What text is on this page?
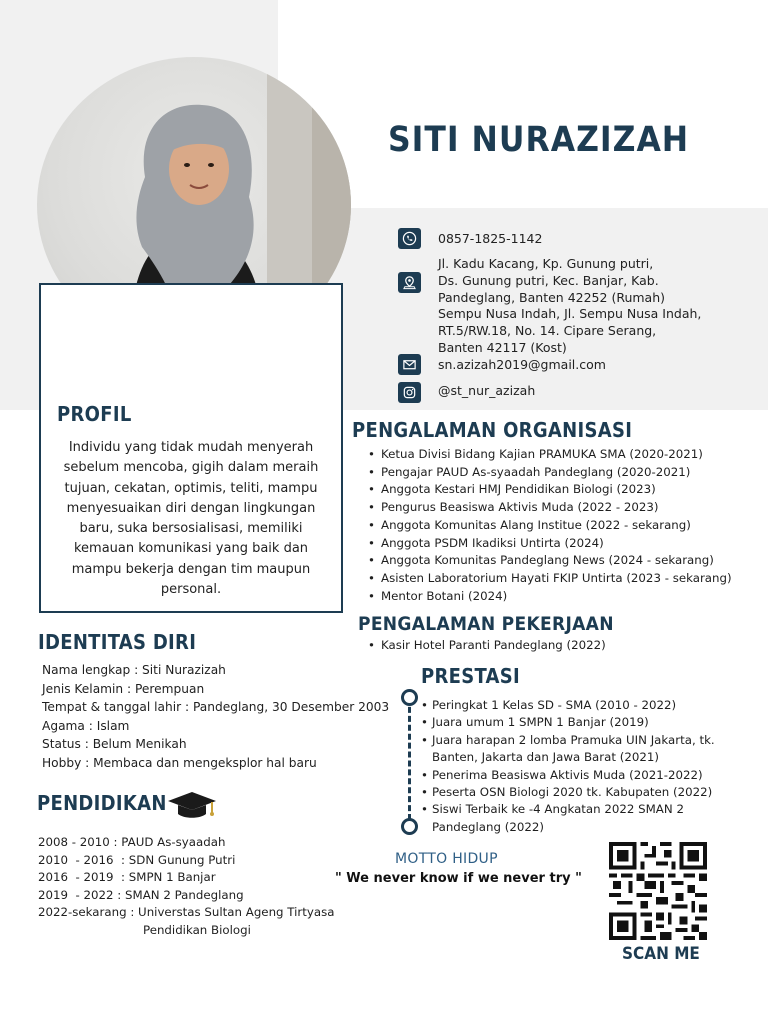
SITI NURAZIZAH
0857-1825-1142
Jl. Kadu Kacang, Kp. Gunung putri,
Ds. Gunung putri, Kec. Banjar, Kab.
Pandeglang, Banten 42252 (Rumah)
Sempu Nusa Indah, Jl. Sempu Nusa Indah,
RT.5/RW.18, No. 14. Cipare Serang,
Banten 42117 (Kost)
sn.azizah2019@gmail.com
@st_nur_azizah
PROFIL
Individu yang tidak mudah menyerah sebelum mencoba, gigih dalam meraih tujuan, cekatan, optimis, teliti, mampu menyesuaikan diri dengan lingkungan baru, suka bersosialisasi, memiliki kemauan komunikasi yang baik dan mampu bekerja dengan tim maupun personal.
IDENTITAS DIRI
Nama lengkap : Siti Nurazizah
Jenis Kelamin : Perempuan
Tempat & tanggal lahir : Pandeglang, 30 Desember 2003
Agama : Islam
Status : Belum Menikah
Hobby : Membaca dan mengeksplor hal baru
PENDIDIKAN
2008 - 2010 : PAUD As-syaadah
2010  - 2016  : SDN Gunung Putri
2016  - 2019  : SMPN 1 Banjar
2019  - 2022 : SMAN 2 Pandeglang
2022-sekarang : Universtas Sultan Ageng Tirtyasa
Pendidikan Biologi
PENGALAMAN ORGANISASI
• Ketua Divisi Bidang Kajian PRAMUKA SMA (2020-2021)
• Pengajar PAUD As-syaadah Pandeglang (2020-2021)
• Anggota Kestari HMJ Pendidikan Biologi (2023)
• Pengurus Beasiswa Aktivis Muda (2022 - 2023)
• Anggota Komunitas Alang Institue (2022 - sekarang)
• Anggota PSDM Ikadiksi Untirta (2024)
• Anggota Komunitas Pandeglang News (2024 - sekarang)
• Asisten Laboratorium Hayati FKIP Untirta (2023 - sekarang)
• Mentor Botani (2024)
PENGALAMAN PEKERJAAN
• Kasir Hotel Paranti Pandeglang (2022)
PRESTASI
• Peringkat 1 Kelas SD - SMA (2010 - 2022)
• Juara umum 1 SMPN 1 Banjar (2019)
• Juara harapan 2 lomba Pramuka UIN Jakarta, tk. Banten, Jakarta dan Jawa Barat (2021)
• Penerima Beasiswa Aktivis Muda (2021-2022)
• Peserta OSN Biologi 2020 tk. Kabupaten (2022)
• Siswi Terbaik ke -4 Angkatan 2022 SMAN 2 Pandeglang (2022)
MOTTO HIDUP
" We never know if we never try "
SCAN ME
